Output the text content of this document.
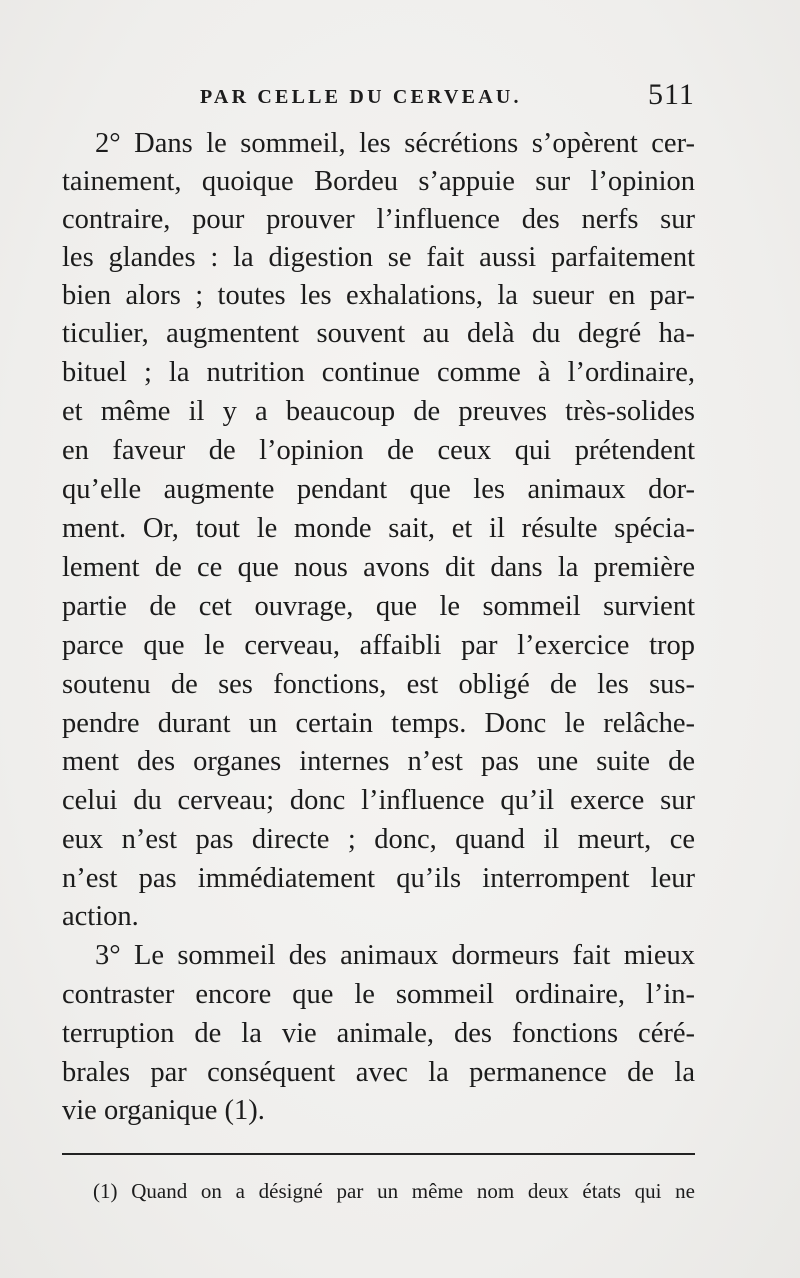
PAR CELLE DU CERVEAU.	511
2° Dans le sommeil, les sécrétions s’opèrent cer-
tainement, quoique Bordeu s’appuie sur l’opinion
contraire, pour prouver l’influence des nerfs sur
les glandes : la digestion se fait aussi parfaitement
bien alors ; toutes les exhalations, la sueur en par-
ticulier, augmentent souvent au delà du degré ha-
bituel ; la nutrition continue comme à l’ordinaire,
et même il y a beaucoup de preuves très-solides
en faveur de l’opinion de ceux qui prétendent
qu’elle augmente pendant que les animaux dor-
ment. Or, tout le monde sait, et il résulte spécia-
lement de ce que nous avons dit dans la première
partie de cet ouvrage, que le sommeil survient
parce que le cerveau, affaibli par l’exercice trop
soutenu de ses fonctions, est obligé de les sus-
pendre durant un certain temps. Donc le relâche-
ment des organes internes n’est pas une suite de
celui du cerveau; donc l’influence qu’il exerce sur
eux n’est pas directe ; donc, quand il meurt, ce
n’est pas immédiatement qu’ils interrompent leur
action.
3° Le sommeil des animaux dormeurs fait mieux
contraster encore que le sommeil ordinaire, l’in-
terruption de la vie animale, des fonctions céré-
brales par conséquent avec la permanence de la
vie organique (1).
(1) Quand on a désigné par un même nom deux états qui ne
